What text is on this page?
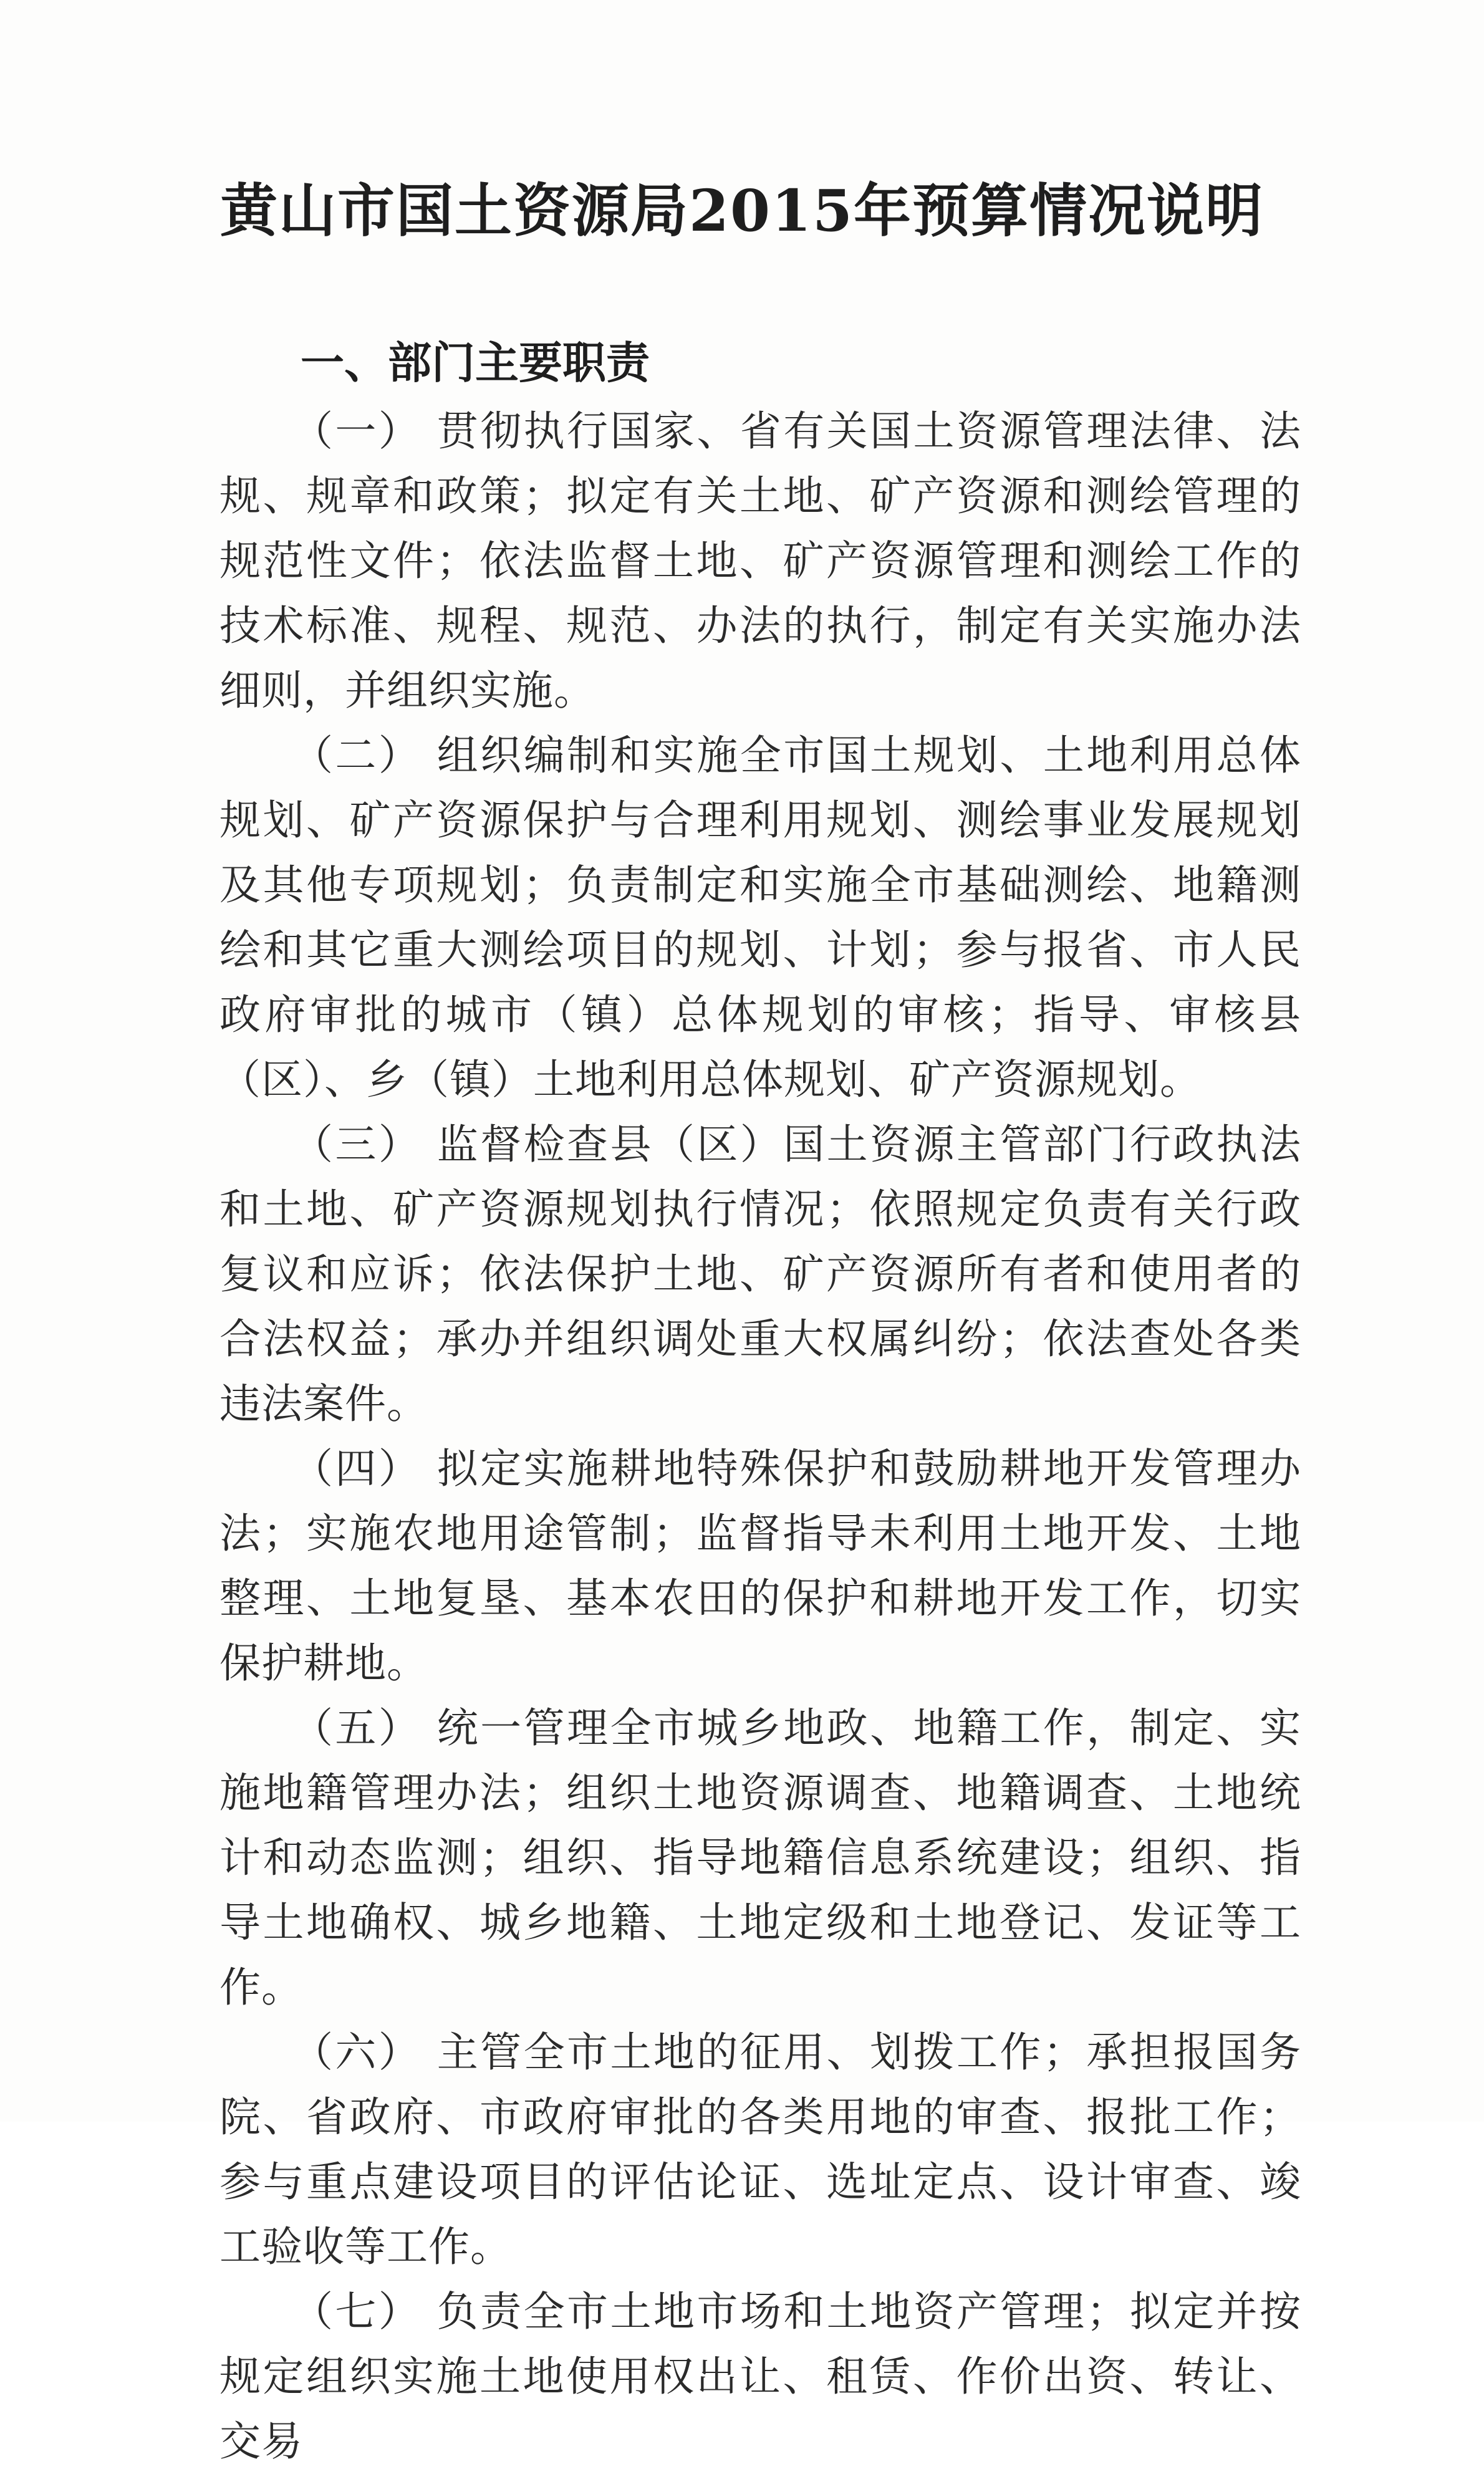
黄山市国土资源局2015年预算情况说明
一、部门主要职责

（一） 贯彻执行国家、省有关国土资源管理法律、法规、规章和政策；拟定有关土地、矿产资源和测绘管理的规范性文件；依法监督土地、矿产资源管理和测绘工作的技术标准、规程、规范、办法的执行，制定有关实施办法细则，并组织实施。

（二） 组织编制和实施全市国土规划、土地利用总体规划、矿产资源保护与合理利用规划、测绘事业发展规划及其他专项规划；负责制定和实施全市基础测绘、地籍测绘和其它重大测绘项目的规划、计划；参与报省、市人民政府审批的城市（镇）总体规划的审核；指导、审核县（区）、乡（镇）土地利用总体规划、矿产资源规划。

（三） 监督检查县（区）国土资源主管部门行政执法和土地、矿产资源规划执行情况；依照规定负责有关行政复议和应诉；依法保护土地、矿产资源所有者和使用者的合法权益；承办并组织调处重大权属纠纷；依法查处各类违法案件。

（四） 拟定实施耕地特殊保护和鼓励耕地开发管理办法；实施农地用途管制；监督指导未利用土地开发、土地整理、土地复垦、基本农田的保护和耕地开发工作，切实保护耕地。

（五） 统一管理全市城乡地政、地籍工作，制定、实施地籍管理办法；组织土地资源调查、地籍调查、土地统计和动态监测；组织、指导地籍信息系统建设；组织、指导土地确权、城乡地籍、土地定级和土地登记、发证等工作。

（六） 主管全市土地的征用、划拨工作；承担报国务院、省政府、市政府审批的各类用地的审查、报批工作；参与重点建设项目的评估论证、选址定点、设计审查、竣工验收等工作。

（七） 负责全市土地市场和土地资产管理；拟定并按规定组织实施土地使用权出让、租赁、作价出资、转让、交易
